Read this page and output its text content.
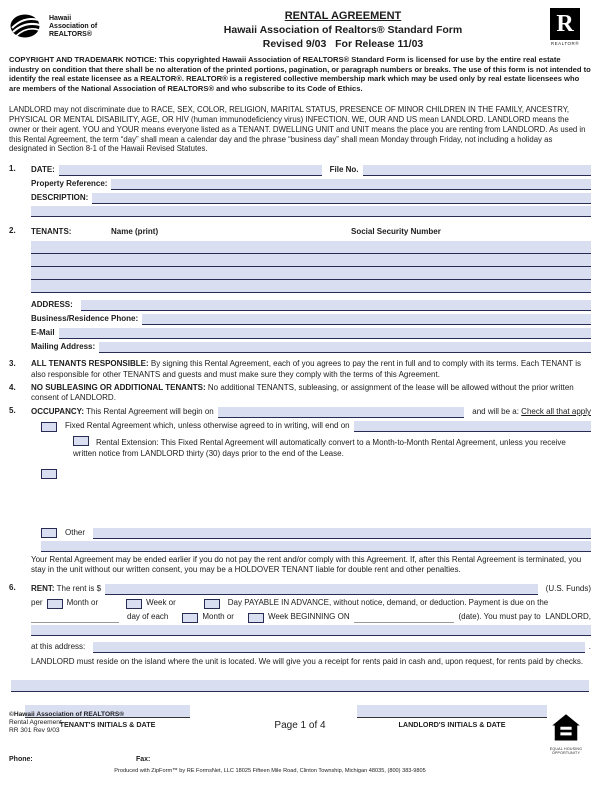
Hawaii
Association of
REALTORS®
RENTAL AGREEMENT
Hawaii Association of Realtors® Standard Form
Revised 9/03   For Release 11/03
R
REALTOR®

COPYRIGHT AND TRADEMARK NOTICE: This copyrighted Hawaii Association of REALTORS® Standard Form is licensed for use by the entire real estate industry on condition that there shall be no alteration of the printed portions, pagination, or paragraph numbers or breaks. The use of this form is not intended to identify the real estate licensee as a REALTOR®. REALTOR® is a registered collective membership mark which may be used only by real estate licensees who are members of the National Association of REALTORS® and who subscribe to its Code of Ethics.

LANDLORD may not discriminate due to RACE, SEX, COLOR, RELIGION, MARITAL STATUS, PRESENCE OF MINOR CHILDREN IN THE FAMILY, ANCESTRY, PHYSICAL OR MENTAL DISABILITY, AGE, OR HIV (human immunodeficiency virus) INFECTION. WE, OUR AND US mean LANDLORD. LANDLORD means the owner or their agent. YOU and YOUR means everyone listed as a TENANT. DWELLING UNIT and UNIT means the place you are renting from LANDLORD. As used in this Rental Agreement, the term “day” shall mean a calendar day and the phrase “business day” shall mean Monday through Friday, not including a holiday as designated in Section 8-1 of the Hawaii Revised Statutes.

1.	DATE:	File No.
Property Reference:
DESCRIPTION:
2.	TENANTS:	Name (print)	Social Security Number
ADDRESS:
Business/Residence Phone:
E-Mail
Mailing Address:
3.	ALL TENANTS RESPONSIBLE: By signing this Rental Agreement, each of you agrees to pay the rent in full and to comply with its terms. Each TENANT is also responsible for other TENANTS and guests and must make sure they comply with the terms of this Agreement.
4.	NO SUBLEASING OR ADDITIONAL TENANTS: No additional TENANTS, subleasing, or assignment of the lease will be allowed without the prior written consent of LANDLORD.
5.	OCCUPANCY: This Rental Agreement will begin on	and will be a: Check all that apply
Fixed Rental Agreement which, unless otherwise agreed to in writing, will end on
Rental Extension: This Fixed Rental Agreement will automatically convert to a Month-to-Month Rental Agreement, unless you receive written notice from LANDLORD thirty (30) days prior to the end of the Lease.
Other

Your Rental Agreement may be ended earlier if you do not pay the rent and/or comply with this Agreement. If, after this Rental Agreement is terminated, you stay in the unit without our written consent, you may be a HOLDOVER TENANT liable for double rent and other penalties.

6.	RENT: The rent is $	(U.S. Funds)
per	Month or	Week or	Day PAYABLE IN ADVANCE, without notice, demand, or deduction. Payment is due on the
day of each	Month or	Week BEGINNING ON	(date). You must pay to  LANDLORD,
at this address:	.

LANDLORD must reside on the island where the unit is located. We will give you a receipt for rents paid in cash and, upon request, for rents paid by checks.

TENANT'S INITIALS & DATE	LANDLORD'S INITIALS & DATE
©Hawaii Association of REALTORS®
Rental Agreement
RR 301 Rev 9/03	Page 1 of 4
EQUAL HOUSING
OPPORTUNITY
Phone:	Fax:
Produced with ZipForm™ by RE FormsNet, LLC 18025 Fifteen Mile Road, Clinton Township, Michigan 48035, (800) 383-9805
